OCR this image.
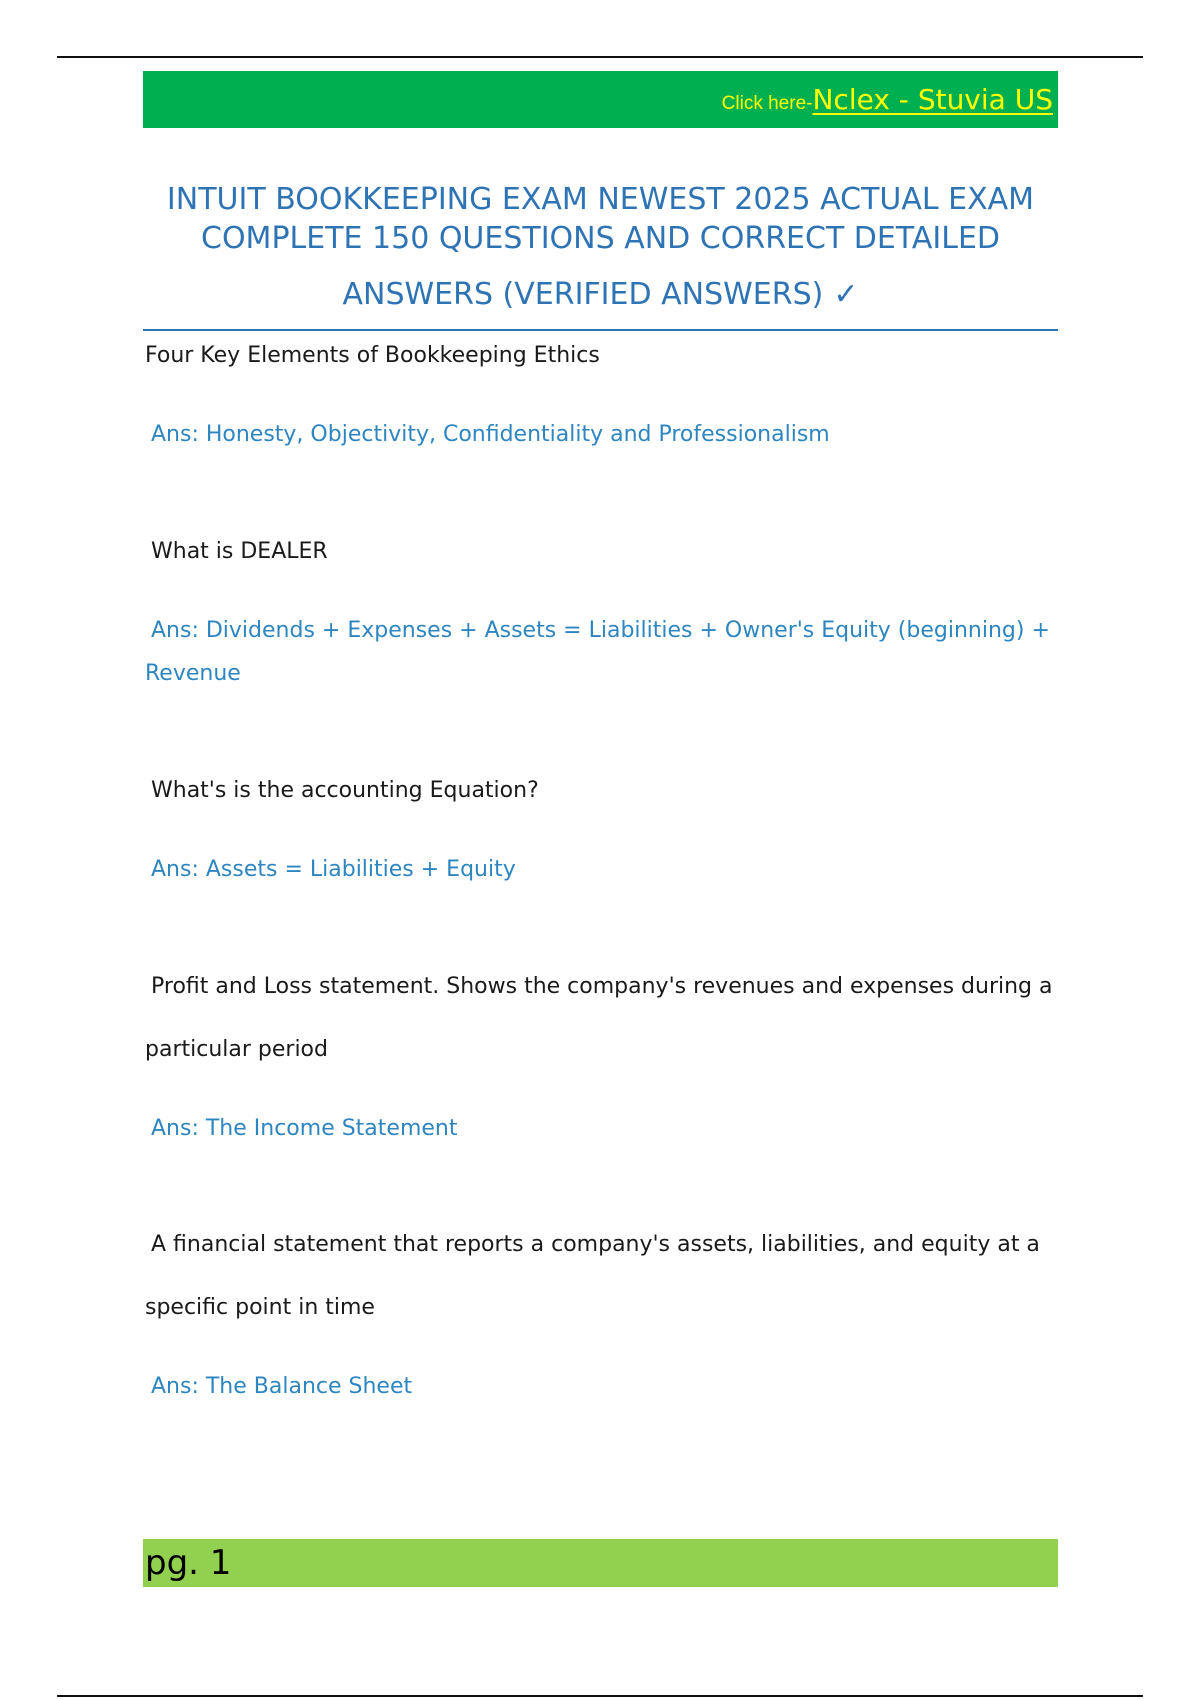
Click here- Nclex - Stuvia US
INTUIT BOOKKEEPING EXAM NEWEST 2025 ACTUAL EXAM
COMPLETE 150 QUESTIONS AND CORRECT DETAILED
ANSWERS (VERIFIED ANSWERS) ✓

Four Key Elements of Bookkeeping Ethics

Ans: Honesty, Objectivity, Confidentiality and Professionalism

What is DEALER

Ans: Dividends + Expenses + Assets = Liabilities + Owner's Equity (beginning) +

Revenue

What's is the accounting Equation?

Ans: Assets = Liabilities + Equity

Profit and Loss statement. Shows the company's revenues and expenses during a

particular period

Ans: The Income Statement

A financial statement that reports a company's assets, liabilities, and equity at a

specific point in time

Ans: The Balance Sheet

pg. 1
